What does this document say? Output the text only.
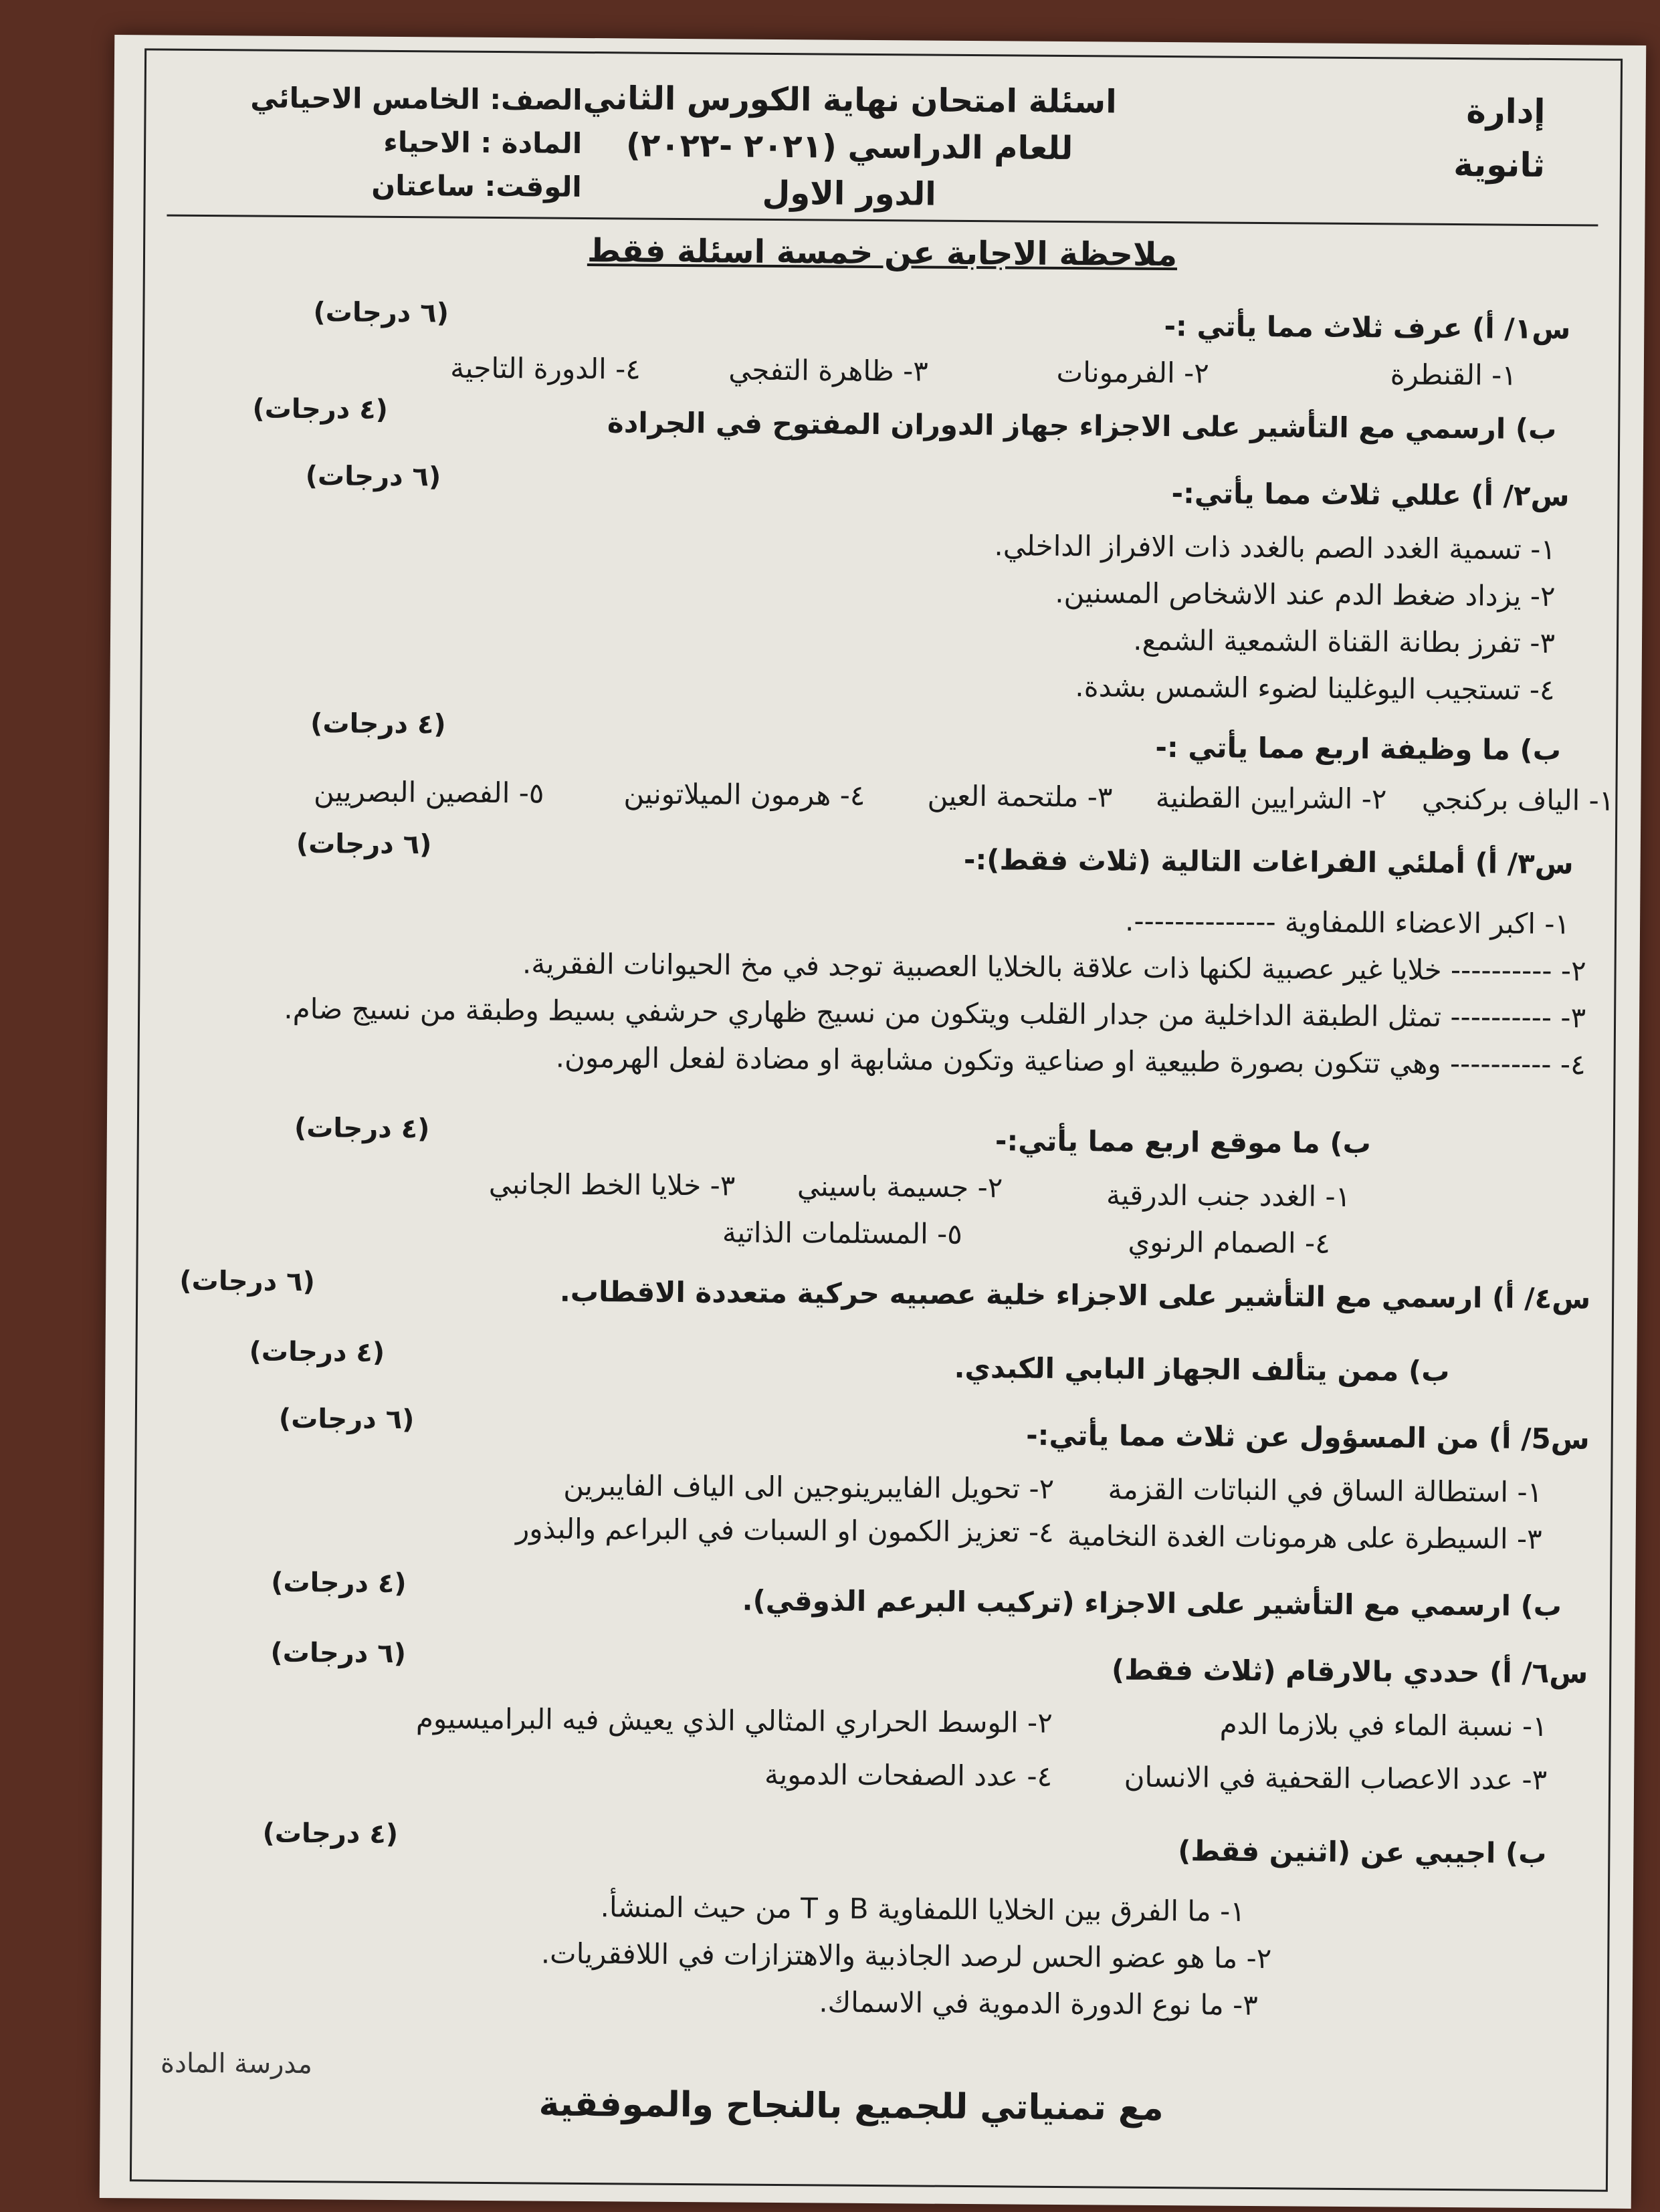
إدارة
ثانوية
اسئلة امتحان نهاية الكورس الثاني
للعام الدراسي (٢٠٢١ -٢٠٢٢)
الدور الاول
الصف: الخامس الاحيائي
المادة : الاحياء
الوقت: ساعتان
ملاحظة الاجابة عن خمسة اسئلة فقط
س١/ أ) عرف ثلاث مما يأتي :-
(٦ درجات)
١- القنطرة
٢- الفرمونات
٣- ظاهرة التفجي
٤- الدورة التاجية
ب) ارسمي مع التأشير على الاجزاء جهاز الدوران المفتوح في الجرادة
(٤ درجات)
س٢/ أ) عللي ثلاث مما يأتي:-
(٦ درجات)
١- تسمية الغدد الصم بالغدد ذات الافراز الداخلي.
٢- يزداد ضغط الدم عند الاشخاص المسنين.
٣- تفرز بطانة القناة الشمعية الشمع.
٤- تستجيب اليوغلينا لضوء الشمس بشدة.
ب) ما وظيفة اربع مما يأتي :-
(٤ درجات)
١- الياف بركنجي
٢- الشرايين القطنية
٣- ملتحمة العين
٤- هرمون الميلاتونين
٥- الفصين البصريين
س٣/ أ) أملئي الفراغات التالية (ثلاث فقط):-
(٦ درجات)
١- اكبر الاعضاء اللمفاوية --------------.
٢- ---------- خلايا غير عصبية لكنها ذات علاقة بالخلايا العصبية توجد في مخ الحيوانات الفقرية.
٣- ---------- تمثل الطبقة الداخلية من جدار القلب ويتكون من نسيج ظهاري حرشفي بسيط وطبقة من نسيج ضام.
٤- ---------- وهي تتكون بصورة طبيعية او صناعية وتكون مشابهة او مضادة لفعل الهرمون.
ب) ما موقع اربع مما يأتي:-
(٤ درجات)
١- الغدد جنب الدرقية
٢- جسيمة باسيني
٣- خلايا الخط الجانبي
٤- الصمام الرنوي
٥- المستلمات الذاتية
س٤/ أ) ارسمي مع التأشير على الاجزاء خلية عصبيه حركية متعددة الاقطاب.
(٦ درجات)
ب) ممن يتألف الجهاز البابي الكبدي.
(٤ درجات)
س5/ أ) من المسؤول عن ثلاث مما يأتي:-
(٦ درجات)
١- استطالة الساق في النباتات القزمة
٢- تحويل الفايبرينوجين الى الياف الفايبرين
٣- السيطرة على هرمونات الغدة النخامية
٤- تعزيز الكمون او السبات في البراعم والبذور
ب) ارسمي مع التأشير على الاجزاء (تركيب البرعم الذوقي).
(٤ درجات)
س٦/ أ) حددي بالارقام (ثلاث فقط)
(٦ درجات)
١- نسبة الماء في بلازما الدم
٢- الوسط الحراري المثالي الذي يعيش فيه البراميسيوم
٣- عدد الاعصاب القحفية في الانسان
٤- عدد الصفحات الدموية
ب) اجيبي عن (اثنين فقط)
(٤ درجات)
١- ما الفرق بين الخلايا اللمفاوية B و T من حيث المنشأ.
٢- ما هو عضو الحس لرصد الجاذبية والاهتزازات في اللافقريات.
٣- ما نوع الدورة الدموية في الاسماك.
مع تمنياتي للجميع بالنجاح والموفقية
مدرسة المادة
